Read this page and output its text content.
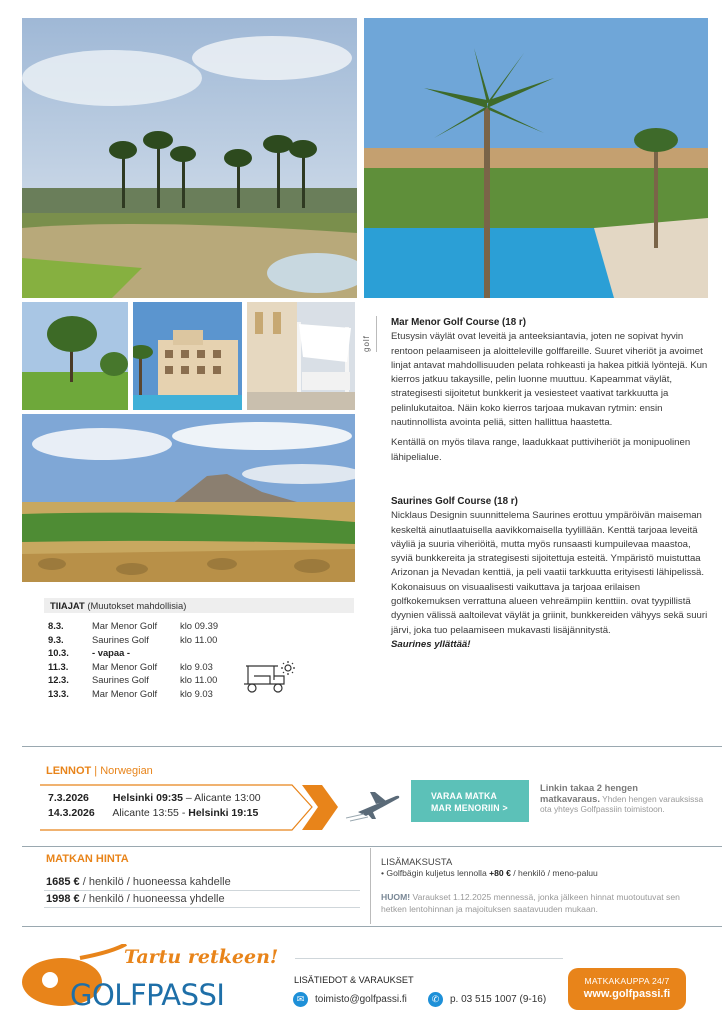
golf
Mar Menor Golf Course (18 r)

Etusysin väylät ovat leveitä ja anteeksiantavia, joten ne sopivat hyvin rentoon pelaamiseen ja aloitteleville golffareille. Suuret viheriöt ja avoimet linjat antavat mahdollisuuden pelata rohkeasti ja hakea pitkiä lyöntejä. Kun kierros jatkuu takaysille, pelin luonne muuttuu. Kapeammat väylät, strategisesti sijoitetut bunkkerit ja vesiesteet vaativat tarkkuutta ja pelinlukutaitoa. Näin koko kierros tarjoaa mukavan rytmin: ensin nautinnollista avointa peliä, sitten hallittua haastetta.

Kentällä on myös tilava range, laadukkaat puttiviheriöt ja monipuolinen lähipelialue.

Saurines Golf Course (18 r)

Nicklaus Designin suunnittelema Saurines erottuu ympäröivän maiseman keskeltä ainutlaatuisella aavikkomaisella tyylillään. Kenttä tarjoaa leveitä väyliä ja suuria viheriöitä, mutta myös runsaasti kumpuilevaa maastoa, syviä bunkkereita ja strategisesti sijoitettuja esteitä. Ympäristö muistuttaa Arizonan ja Nevadan kenttiä, ja peli vaatii tarkkuutta erityisesti lähipelissä. Kokonaisuus on visuaalisesti vaikuttava ja tarjoaa erilaisen golfkokemuksen verrattuna alueen vehreämpiin kenttiin. ovat tyypillistä dyynien välissä aaltoilevat väylät ja griinit, bunkkereiden vähyys sekä suuri järvi, joka tuo pelaamiseen mukavasti lisäjännitystä.

Saurines yllättää!
TIIAJAT (Muutokset mahdollisia)
8.3.	Mar Menor Golf	klo 09.39
9.3.	Saurines Golf	klo 11.00
10.3.	- vapaa -
11.3.	Mar Menor Golf	klo 9.03
12.3.	Saurines Golf	klo 11.00
13.3.	Mar Menor Golf	klo 9.03
LENNOT | Norwegian
7.3.2026 Helsinki 09:35 – Alicante 13:00
14.3.2026 Alicante 13:55 - Helsinki 19:15
VARAA MATKA
MAR MENORIIN >
Linkin takaa 2 hengen
matkavaraus. Yhden hengen varauksissa ota yhteys Golfpassiin toimistoon.
MATKAN HINTA
1685 € / henkilö / huoneessa kahdelle
1998 € / henkilö / huoneessa yhdelle
LISÄMAKSUSTA
• Golfbägin kuljetus lennolla +80 € / henkilö / meno-paluu
HUOM! Varaukset 1.12.2025 mennessä, jonka jälkeen hinnat muotoutuvat sen hetken lentohinnan ja majoituksen saatavuuden mukaan.
GOLFPASSI
Tartu retkeen!
LISÄTIEDOT & VARAUKSET
✉	toimisto@golfpassi.fi	✆	p. 03 515 1007 (9-16)
MATKAKAUPPA 24/7
www.golfpassi.fi
